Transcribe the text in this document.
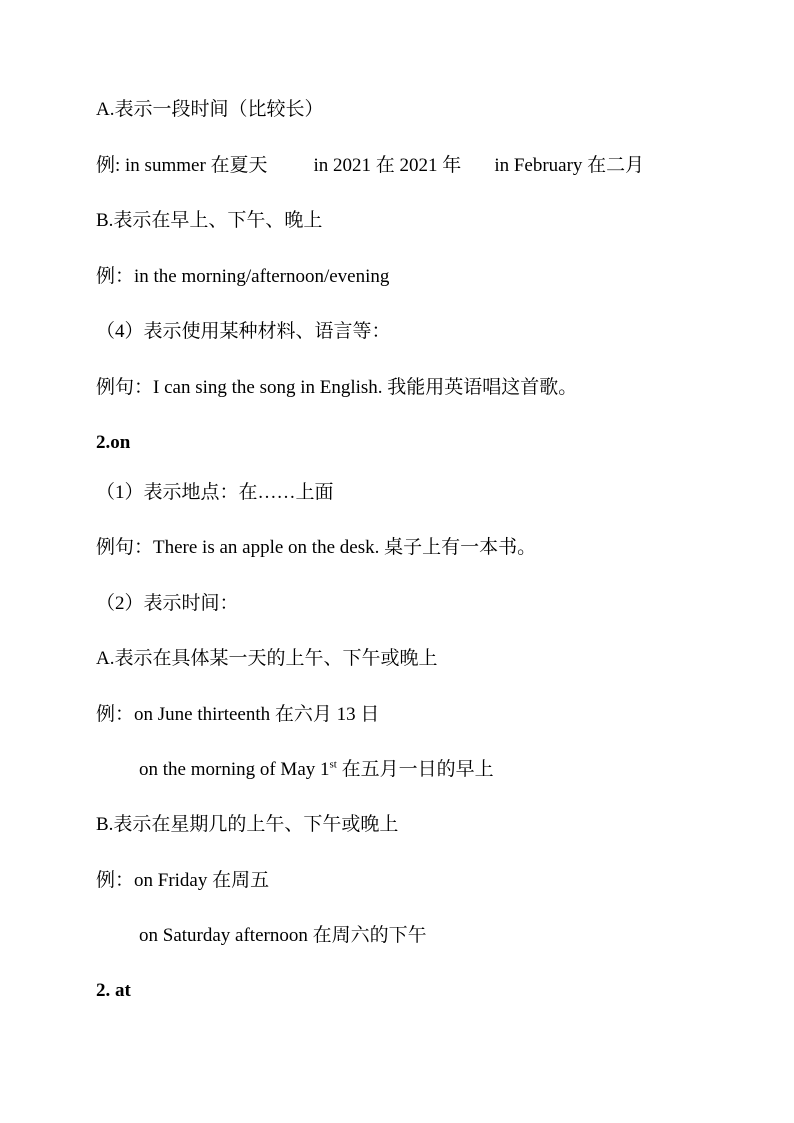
A.表示一段时间（比较长）
例: in summer 在夏天 in 2021 在 2021 年 in February 在二月
B.表示在早上、下午、晚上
例：in the morning/afternoon/evening
（4）表示使用某种材料、语言等：
例句：I can sing the song in English. 我能用英语唱这首歌。
2.on
（1）表示地点：在……上面
例句：There is an apple on the desk. 桌子上有一本书。
（2）表示时间：
A.表示在具体某一天的上午、下午或晚上
例：on June thirteenth 在六月 13 日
on the morning of May 1st 在五月一日的早上
B.表示在星期几的上午、下午或晚上
例：on Friday 在周五
on Saturday afternoon 在周六的下午
2. at
